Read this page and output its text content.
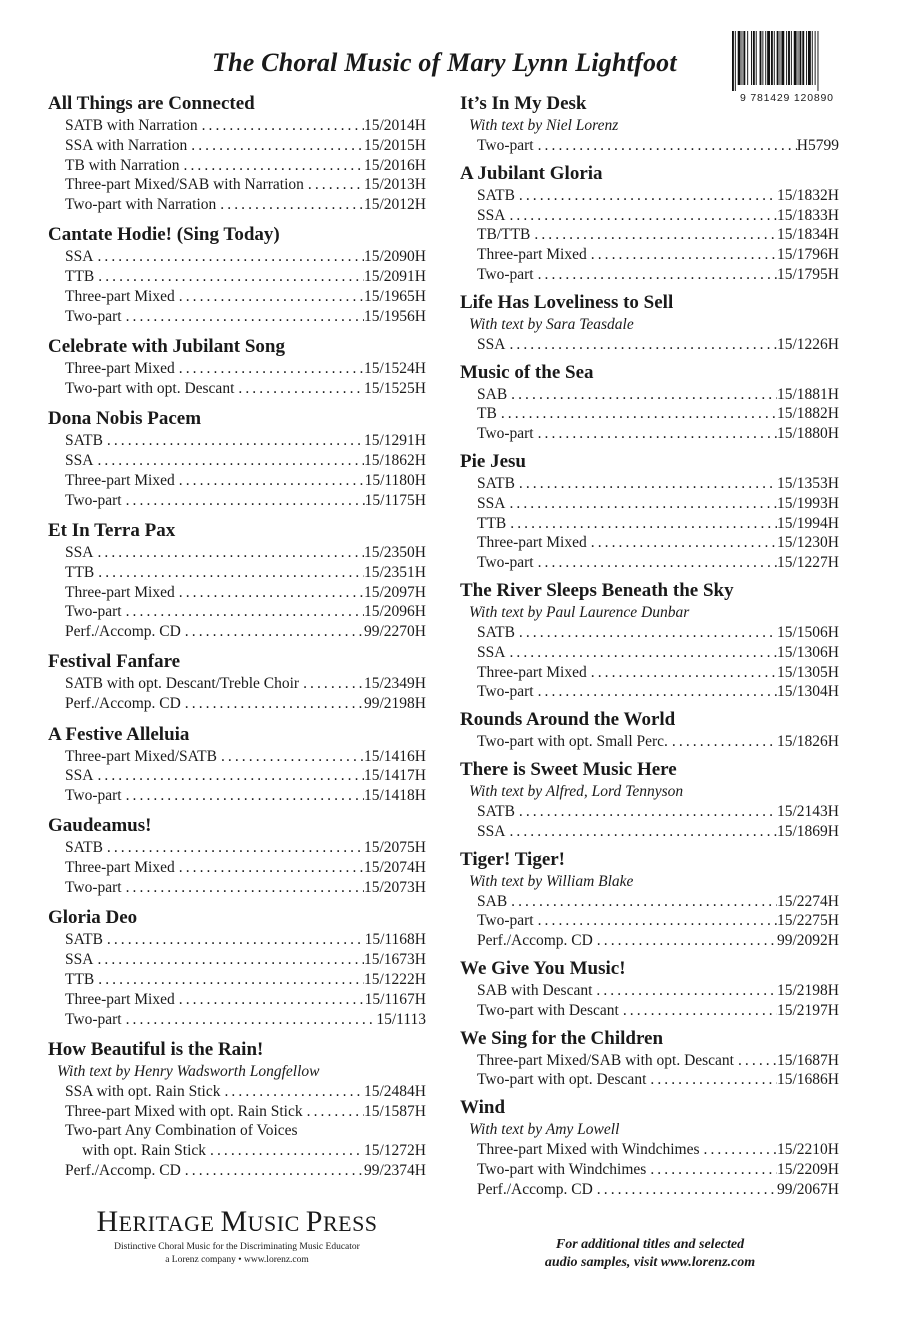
The Choral Music of Mary Lynn Lightfoot
9 781429 120890
All Things are Connected
SATB with Narration . . .	15/2014H
SSA with Narration . . .	15/2015H
TB with Narration . . .	15/2016H
Three-part Mixed/SAB with Narration . . .	15/2013H
Two-part with Narration . . .	15/2012H
Cantate Hodie! (Sing Today)
SSA . . .	15/2090H
TTB . . .	15/2091H
Three-part Mixed . . .	15/1965H
Two-part . . .	15/1956H
Celebrate with Jubilant Song
Three-part Mixed . . .	15/1524H
Two-part with opt. Descant . . .	15/1525H
Dona Nobis Pacem
SATB . . .	15/1291H
SSA . . .	15/1862H
Three-part Mixed . . .	15/1180H
Two-part . . .	15/1175H
Et In Terra Pax
SSA . . .	15/2350H
TTB . . .	15/2351H
Three-part Mixed . . .	15/2097H
Two-part . . .	15/2096H
Perf./Accomp. CD . . .	99/2270H
Festival Fanfare
SATB with opt. Descant/Treble Choir . . .	15/2349H
Perf./Accomp. CD . . .	99/2198H
A Festive Alleluia
Three-part Mixed/SATB . . .	15/1416H
SSA . . .	15/1417H
Two-part . . .	15/1418H
Gaudeamus!
SATB . . .	15/2075H
Three-part Mixed . . .	15/2074H
Two-part . . .	15/2073H
Gloria Deo
SATB . . .	15/1168H
SSA . . .	15/1673H
TTB . . .	15/1222H
Three-part Mixed . . .	15/1167H
Two-part . . .	15/1113
How Beautiful is the Rain!
With text by Henry Wadsworth Longfellow
SSA with opt. Rain Stick . . .	15/2484H
Three-part Mixed with opt. Rain Stick . . .	15/1587H
Two-part Any Combination of Voices
with opt. Rain Stick . . .	15/1272H
Perf./Accomp. CD . . .	99/2374H
It’s In My Desk
With text by Niel Lorenz
Two-part . . .	H5799
A Jubilant Gloria
SATB . . .	15/1832H
SSA . . .	15/1833H
TB/TTB . . .	15/1834H
Three-part Mixed . . .	15/1796H
Two-part . . .	15/1795H
Life Has Loveliness to Sell
With text by Sara Teasdale
SSA . . .	15/1226H
Music of the Sea
SAB . . .	15/1881H
TB . . .	15/1882H
Two-part . . .	15/1880H
Pie Jesu
SATB . . .	15/1353H
SSA . . .	15/1993H
TTB . . .	15/1994H
Three-part Mixed . . .	15/1230H
Two-part . . .	15/1227H
The River Sleeps Beneath the Sky
With text by Paul Laurence Dunbar
SATB . . .	15/1506H
SSA . . .	15/1306H
Three-part Mixed . . .	15/1305H
Two-part . . .	15/1304H
Rounds Around the World
Two-part with opt. Small Perc. . . .	15/1826H
There is Sweet Music Here
With text by Alfred, Lord Tennyson
SATB . . .	15/2143H
SSA . . .	15/1869H
Tiger! Tiger!
With text by William Blake
SAB . . .	15/2274H
Two-part . . .	15/2275H
Perf./Accomp. CD . . .	99/2092H
We Give You Music!
SAB with Descant . . .	15/2198H
Two-part with Descant . . .	15/2197H
We Sing for the Children
Three-part Mixed/SAB with opt. Descant . . .	15/1687H
Two-part with opt. Descant . . .	15/1686H
Wind
With text by Amy Lowell
Three-part Mixed with Windchimes . . .	15/2210H
Two-part with Windchimes . . .	15/2209H
Perf./Accomp. CD . . .	99/2067H
HERITAGE MUSIC PRESS
Distinctive Choral Music for the Discriminating Music Educator
a Lorenz company • www.lorenz.com
For additional titles and selected
audio samples, visit www.lorenz.com
